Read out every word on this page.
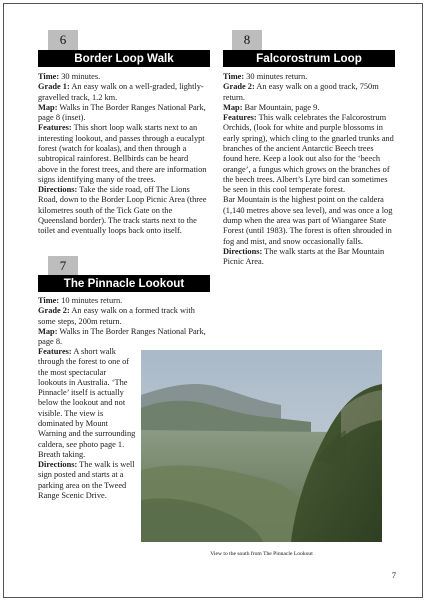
6
Border Loop Walk

Time: 30 minutes.

Grade 1: An easy walk on a well-graded, lightly-gravelled track, 1.2 km.

Map: Walks in The Border Ranges National Park, page 8 (inset).

Features: This short loop walk starts next to an interesting lookout, and passes through a eucalypt forest (watch for koalas), and then through a subtropical rainforest. Bellbirds can be heard above in the forest trees, and there are information signs identifying many of the trees.

Directions: Take the side road, off The Lions Road, down to the Border Loop Picnic Area (three kilometres south of the Tick Gate on the Queensland border). The track starts next to the toilet and eventually loops back onto itself.

7
The Pinnacle Lookout

Time: 10 minutes return.

Grade 2: An easy walk on a formed track with some steps, 200m return.

Map: Walks in The Border Ranges National Park, page 8.

Features: A short walk through the forest to one of the most spectacular lookouts in Australia. ‘The Pinnacle’ itself is actually below the lookout and not visible. The view is dominated by Mount Warning and the surrounding caldera, see photo page 1. Breath taking.

Directions: The walk is well sign posted and starts at a parking area on the Tweed Range Scenic Drive.

8
Falcorostrum Loop

Time: 30 minutes return.

Grade 2: An easy walk on a good track, 750m return.

Map: Bar Mountain, page 9.

Features: This walk celebrates the Falcorostrum Orchids, (look for white and purple blossoms in early spring), which cling to the gnarled trunks and branches of the ancient Antarctic Beech trees found here. Keep a look out also for the ‘beech orange’, a fungus which grows on the branches of the beech trees. Albert’s Lyre bird can sometimes be seen in this cool temperate forest.

Bar Mountain is the highest point on the caldera (1,140 metres above sea level), and was once a log dump when the area was part of Wiangaree State Forest (until 1983). The forest is often shrouded in fog and mist, and snow occasionally falls.

Directions: The walk starts at the Bar Mountain Picnic Area.

View to the south from The Pinnacle Lookout
7
